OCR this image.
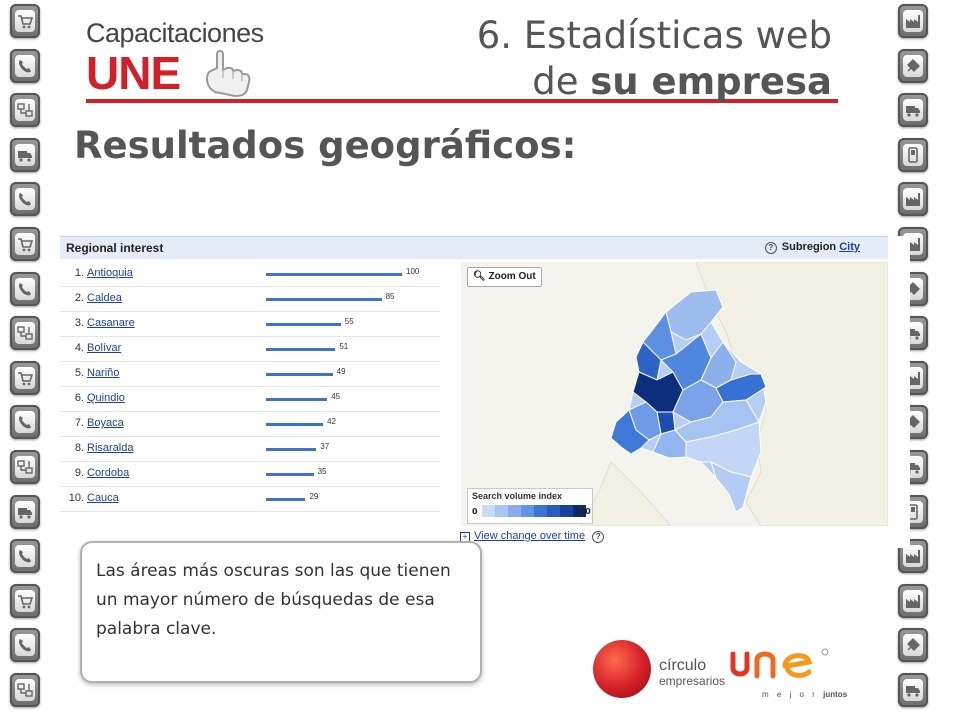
Capacitaciones
UNE
6. Estadísticas web
de su empresa
Resultados geográficos:
Regional interest	? Subregion City
1. Antioquia	100
2. Caldea	85
3. Casanare	55
4. Bolívar	51
5. Nariño	49
6. Quindio	45
7. Boyaca	42
8. Risaralda	37
9. Cordoba	35
10. Cauca	29
🔍︎ Zoom Out
Search volume index
0	100
+ View change over time ?

Las áreas más oscuras son las que tienen un mayor número de búsquedas de esa palabra clave.

círculo
empresarios
m e j o r juntos
